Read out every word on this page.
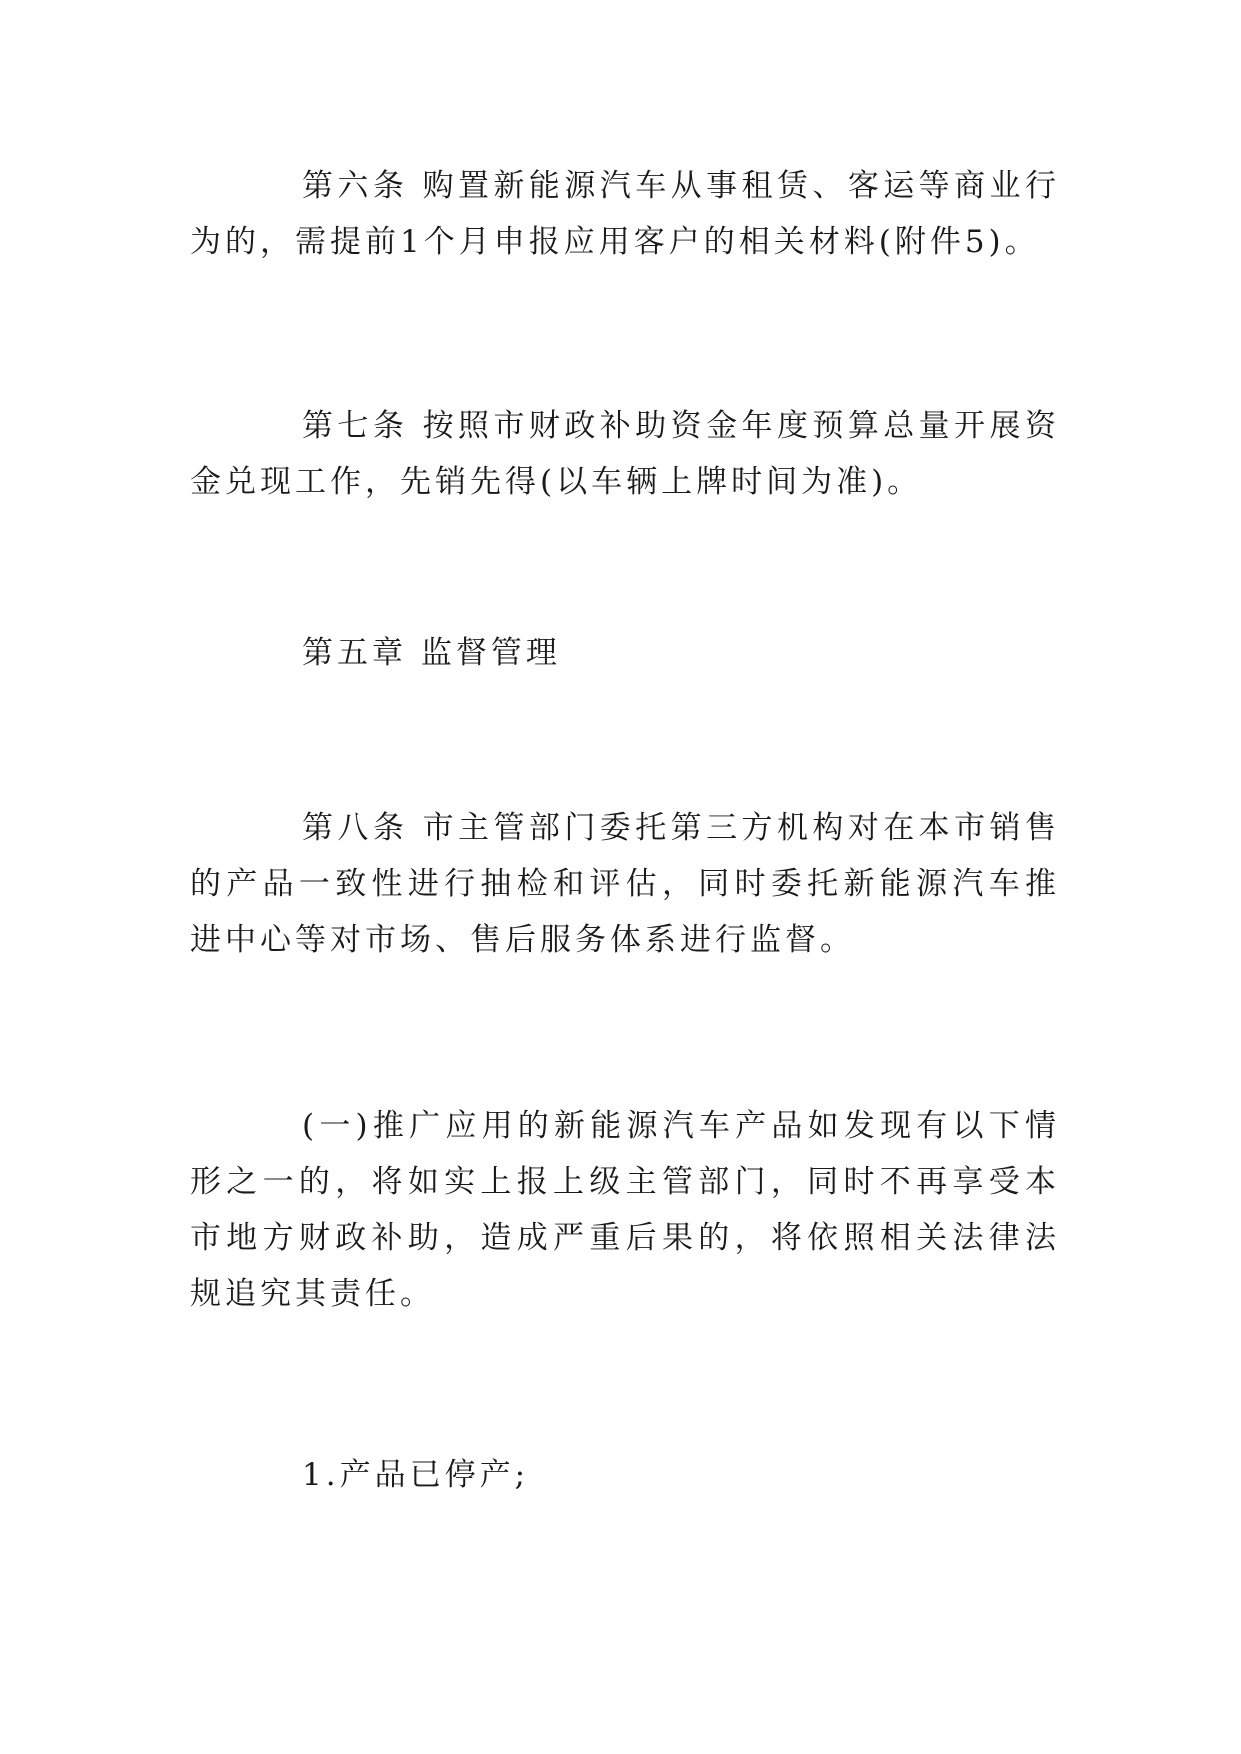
第六条 购置新能源汽车从事租赁、客运等商业行为的，需提前1个月申报应用客户的相关材料(附件5)。

第七条 按照市财政补助资金年度预算总量开展资金兑现工作，先销先得(以车辆上牌时间为准)。

第五章 监督管理

第八条 市主管部门委托第三方机构对在本市销售的产品一致性进行抽检和评估，同时委托新能源汽车推进中心等对市场、售后服务体系进行监督。

(一)推广应用的新能源汽车产品如发现有以下情形之一的，将如实上报上级主管部门，同时不再享受本市地方财政补助，造成严重后果的，将依照相关法律法规追究其责任。

1.产品已停产;
